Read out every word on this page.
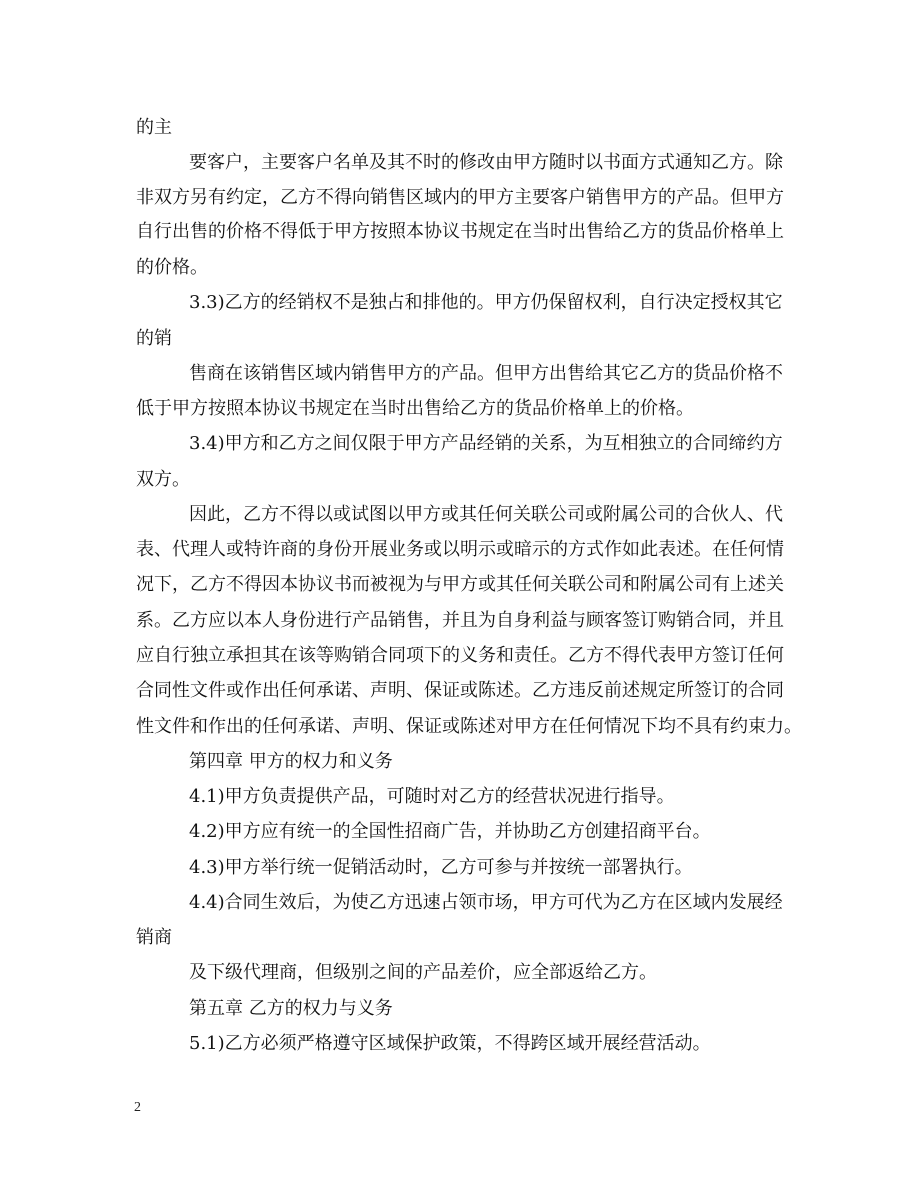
的主
要客户，主要客户名单及其不时的修改由甲方随时以书面方式通知乙方。除
非双方另有约定，乙方不得向销售区域内的甲方主要客户销售甲方的产品。但甲方
自行出售的价格不得低于甲方按照本协议书规定在当时出售给乙方的货品价格单上
的价格。
3.3)乙方的经销权不是独占和排他的。甲方仍保留权利，自行决定授权其它
的销
售商在该销售区域内销售甲方的产品。但甲方出售给其它乙方的货品价格不
低于甲方按照本协议书规定在当时出售给乙方的货品价格单上的价格。
3.4)甲方和乙方之间仅限于甲方产品经销的关系，为互相独立的合同缔约方
双方。
因此，乙方不得以或试图以甲方或其任何关联公司或附属公司的合伙人、代
表、代理人或特许商的身份开展业务或以明示或暗示的方式作如此表述。在任何情
况下，乙方不得因本协议书而被视为与甲方或其任何关联公司和附属公司有上述关
系。乙方应以本人身份进行产品销售，并且为自身利益与顾客签订购销合同，并且
应自行独立承担其在该等购销合同项下的义务和责任。乙方不得代表甲方签订任何
合同性文件或作出任何承诺、声明、保证或陈述。乙方违反前述规定所签订的合同
性文件和作出的任何承诺、声明、保证或陈述对甲方在任何情况下均不具有约束力。
第四章 甲方的权力和义务
4.1)甲方负责提供产品，可随时对乙方的经营状况进行指导。
4.2)甲方应有统一的全国性招商广告，并协助乙方创建招商平台。
4.3)甲方举行统一促销活动时，乙方可参与并按统一部署执行。
4.4)合同生效后，为使乙方迅速占领市场，甲方可代为乙方在区域内发展经
销商
及下级代理商，但级别之间的产品差价，应全部返给乙方。
第五章 乙方的权力与义务
5.1)乙方必须严格遵守区域保护政策，不得跨区域开展经营活动。
2
